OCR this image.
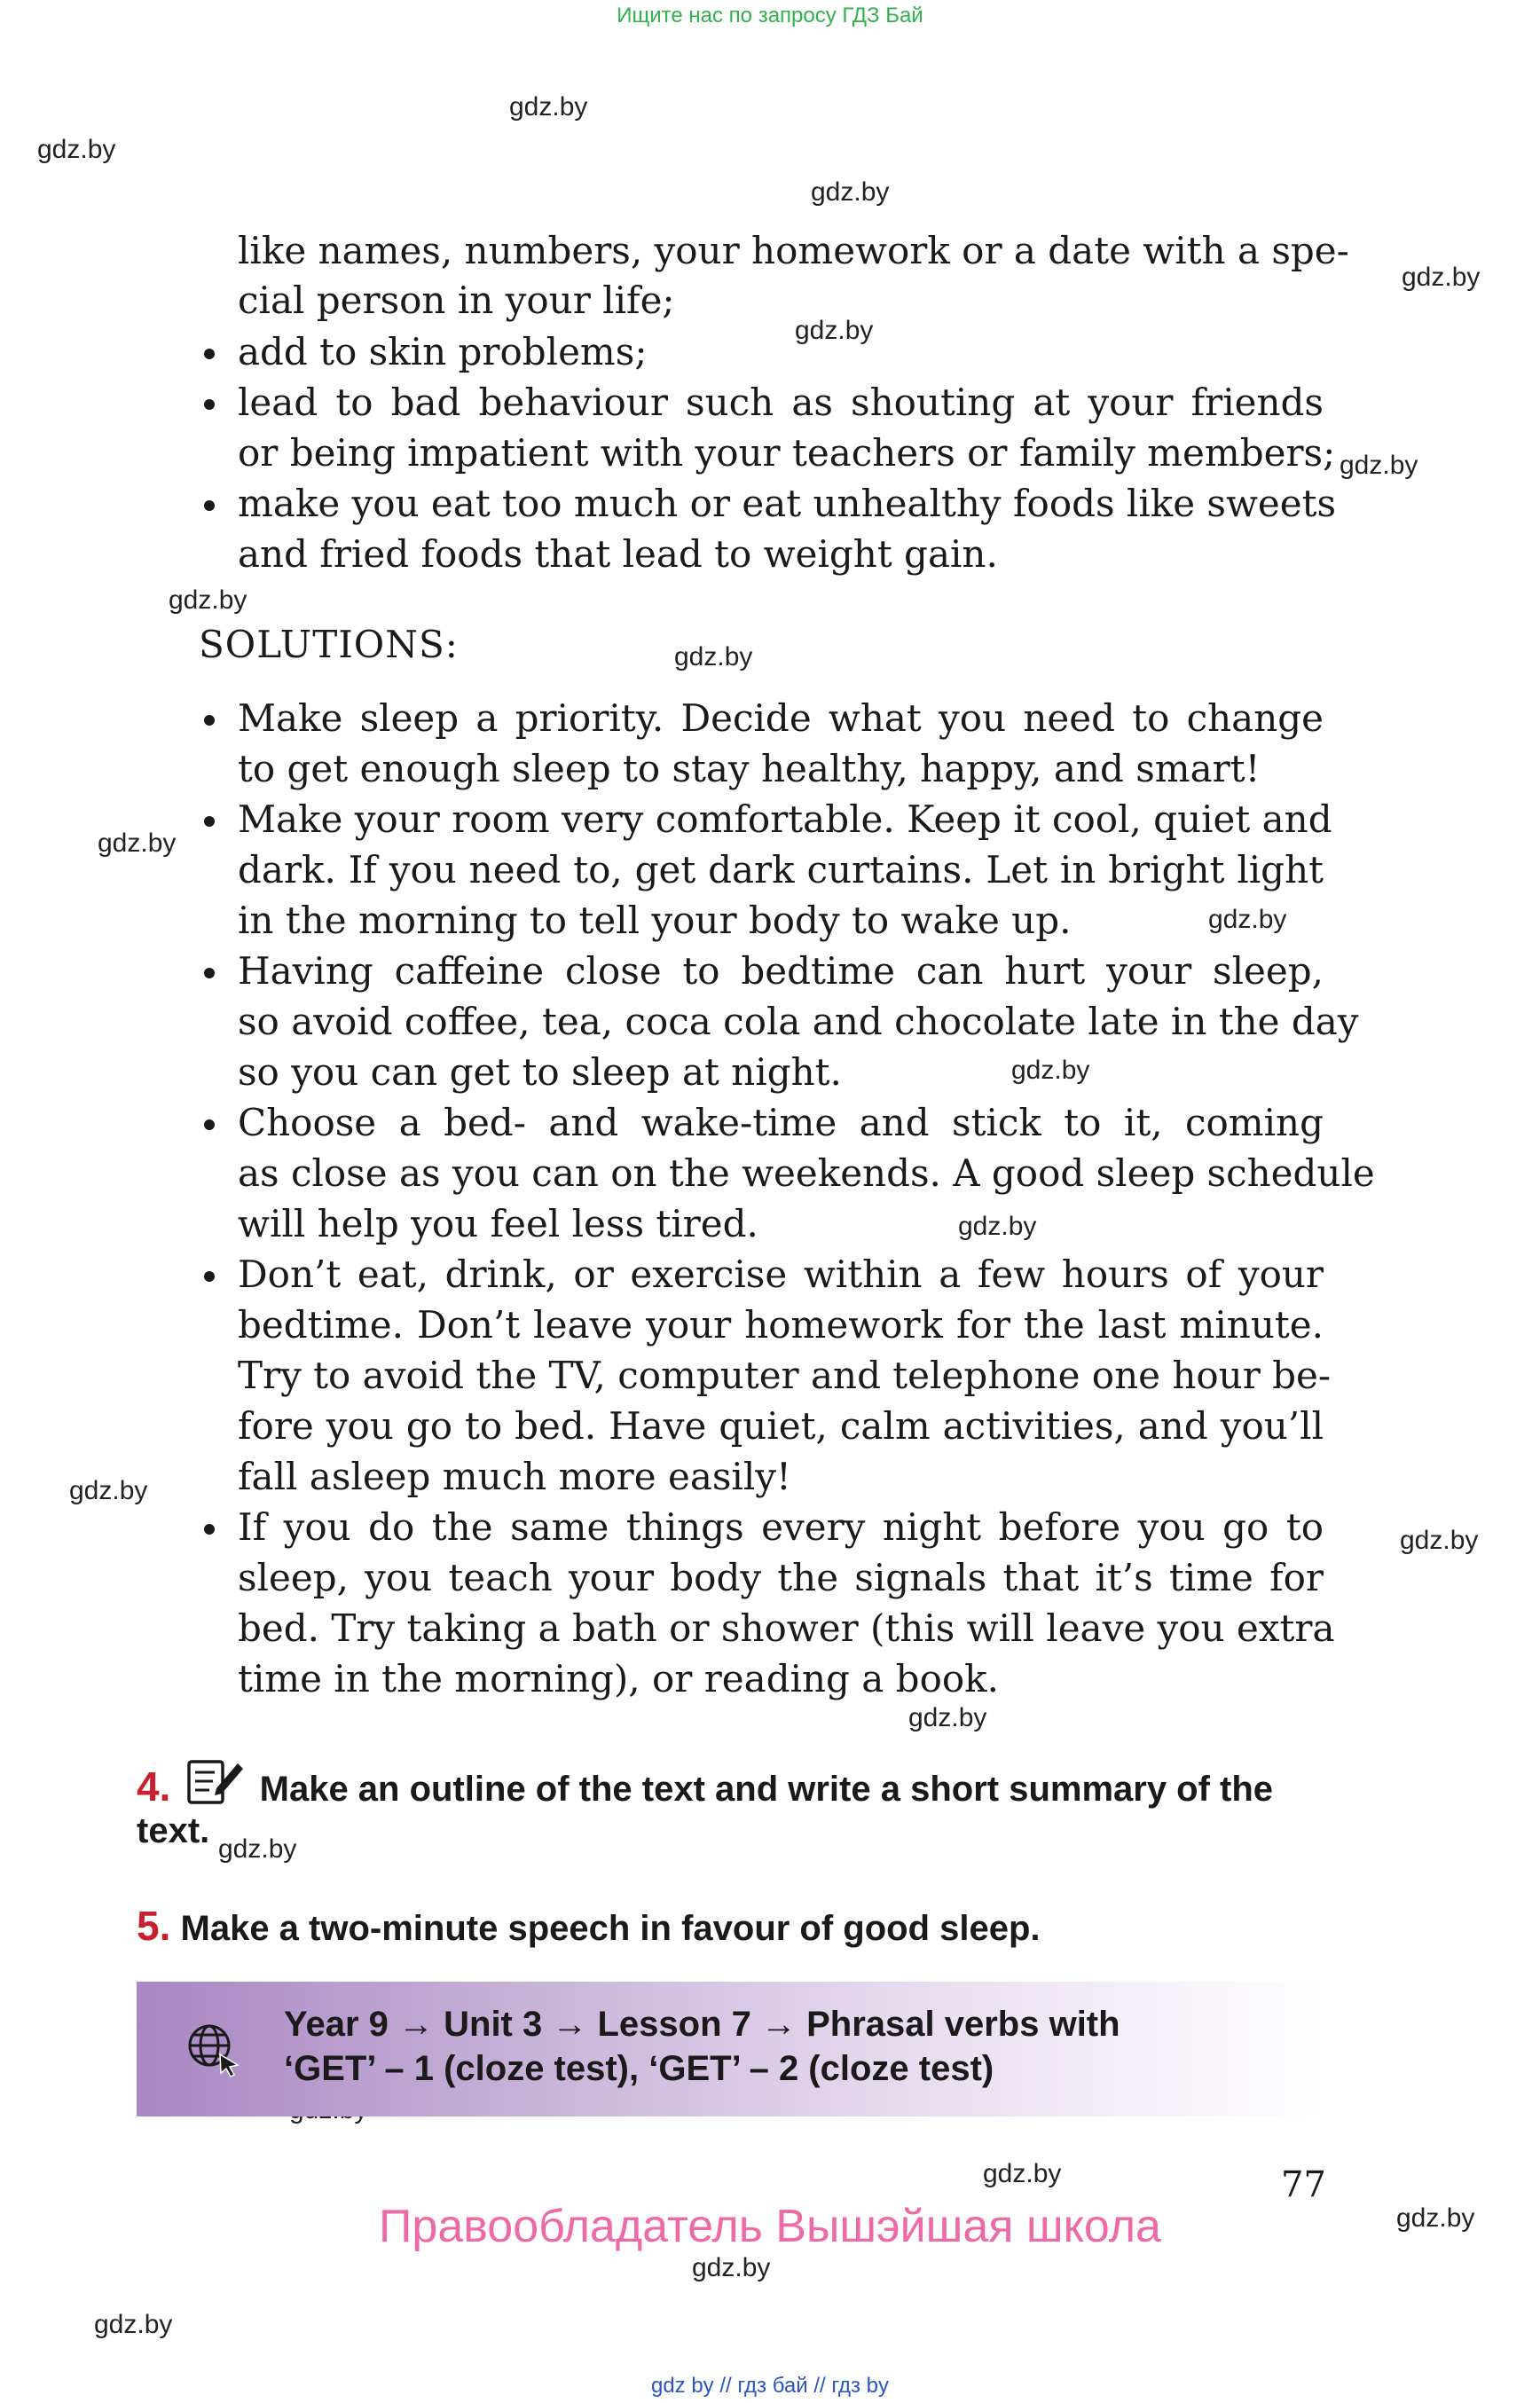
Ищите нас по запросу ГДЗ Бай
gdz.by
gdz.by
gdz.by
gdz.by
gdz.by
gdz.by
gdz.by
gdz.by
gdz.by
gdz.by
gdz.by
gdz.by
gdz.by
gdz.by
gdz.by
gdz.by
gdz.by
gdz.by
gdz.by
gdz.by
like names, numbers, your homework or a date with a spe-
cial person in your life;
add to skin problems;
lead to bad behaviour such as shouting at your friends
or being impatient with your teachers or family members;
make you eat too much or eat unhealthy foods like sweets
and fried foods that lead to weight gain.
SOLUTIONS:
Make sleep a priority. Decide what you need to change
to get enough sleep to stay healthy, happy, and smart!
Make your room very comfortable. Keep it cool, quiet and
dark. If you need to, get dark curtains. Let in bright light
in the morning to tell your body to wake up.
Having caffeine close to bedtime can hurt your sleep,
so avoid coffee, tea, coca cola and chocolate late in the day
so you can get to sleep at night.
Choose a bed- and wake-time and stick to it, coming
as close as you can on the weekends. A good sleep schedule
will help you feel less tired.
Don’t eat, drink, or exercise within a few hours of your
bedtime. Don’t leave your homework for the last minute.
Try to avoid the TV, computer and telephone one hour be-
fore you go to bed. Have quiet, calm activities, and you’ll
fall asleep much more easily!
If you do the same things every night before you go to
sleep, you teach your body the signals that it’s time for
bed. Try taking a bath or shower (this will leave you extra
time in the morning), or reading a book.
4.	Make an outline of the text and write a short summary of the
text.
5. Make a two-minute speech in favour of good sleep.
Year 9 → Unit 3 → Lesson 7 → Phrasal verbs with
‘GET’ – 1 (cloze test), ‘GET’ – 2 (cloze test)
77
Правообладатель Вышэйшая школа
gdz by // гдз бай // гдз by
